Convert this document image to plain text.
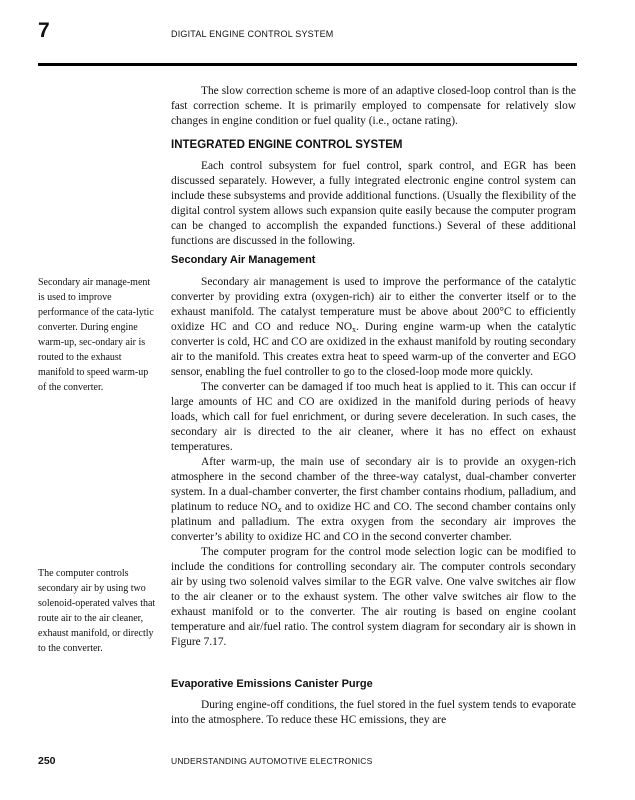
7	DIGITAL ENGINE CONTROL SYSTEM

The slow correction scheme is more of an adaptive closed-loop control than is the fast correction scheme. It is primarily employed to compensate for relatively slow changes in engine condition or fuel quality (i.e., octane rating).

INTEGRATED ENGINE CONTROL SYSTEM

Each control subsystem for fuel control, spark control, and EGR has been discussed separately. However, a fully integrated electronic engine control system can include these subsystems and provide additional functions. (Usually the flexibility of the digital control system allows such expansion quite easily because the computer program can be changed to accomplish the expanded functions.) Several of these additional functions are discussed in the following.

Secondary Air Management

Secondary air management is used to improve the performance of the catalytic converter by providing extra (oxygen-rich) air to either the converter itself or to the exhaust manifold. The catalyst temperature must be above about 200°C to efficiently oxidize HC and CO and reduce $NO_x$. During engine warm-up when the catalytic converter is cold, HC and CO are oxidized in the exhaust manifold by routing secondary air to the manifold. This creates extra heat to speed warm-up of the converter and EGO sensor, enabling the fuel controller to go to the closed-loop mode more quickly.

The converter can be damaged if too much heat is applied to it. This can occur if large amounts of HC and CO are oxidized in the manifold during periods of heavy loads, which call for fuel enrichment, or during severe deceleration. In such cases, the secondary air is directed to the air cleaner, where it has no effect on exhaust temperatures.

After warm-up, the main use of secondary air is to provide an oxygen-rich atmosphere in the second chamber of the three-way catalyst, dual-chamber converter system. In a dual-chamber converter, the first chamber contains rhodium, palladium, and platinum to reduce $NO_x$ and to oxidize HC and CO. The second chamber contains only platinum and palladium. The extra oxygen from the secondary air improves the converter’s ability to oxidize HC and CO in the second converter chamber.

The computer program for the control mode selection logic can be modified to include the conditions for controlling secondary air. The computer controls secondary air by using two solenoid valves similar to the EGR valve. One valve switches air flow to the air cleaner or to the exhaust system. The other valve switches air flow to the exhaust manifold or to the converter. The air routing is based on engine coolant temperature and air/fuel ratio. The control system diagram for secondary air is shown in Figure 7.17.

Evaporative Emissions Canister Purge

During engine-off conditions, the fuel stored in the fuel system tends to evaporate into the atmosphere. To reduce these HC emissions, they are

Secondary air manage-ment is used to improve performance of the cata-lytic converter. During engine warm-up, sec-ondary air is routed to the exhaust manifold to speed warm-up of the converter.
The computer controls secondary air by using two solenoid-operated valves that route air to the air cleaner, exhaust manifold, or directly to the converter.
250	UNDERSTANDING AUTOMOTIVE ELECTRONICS
